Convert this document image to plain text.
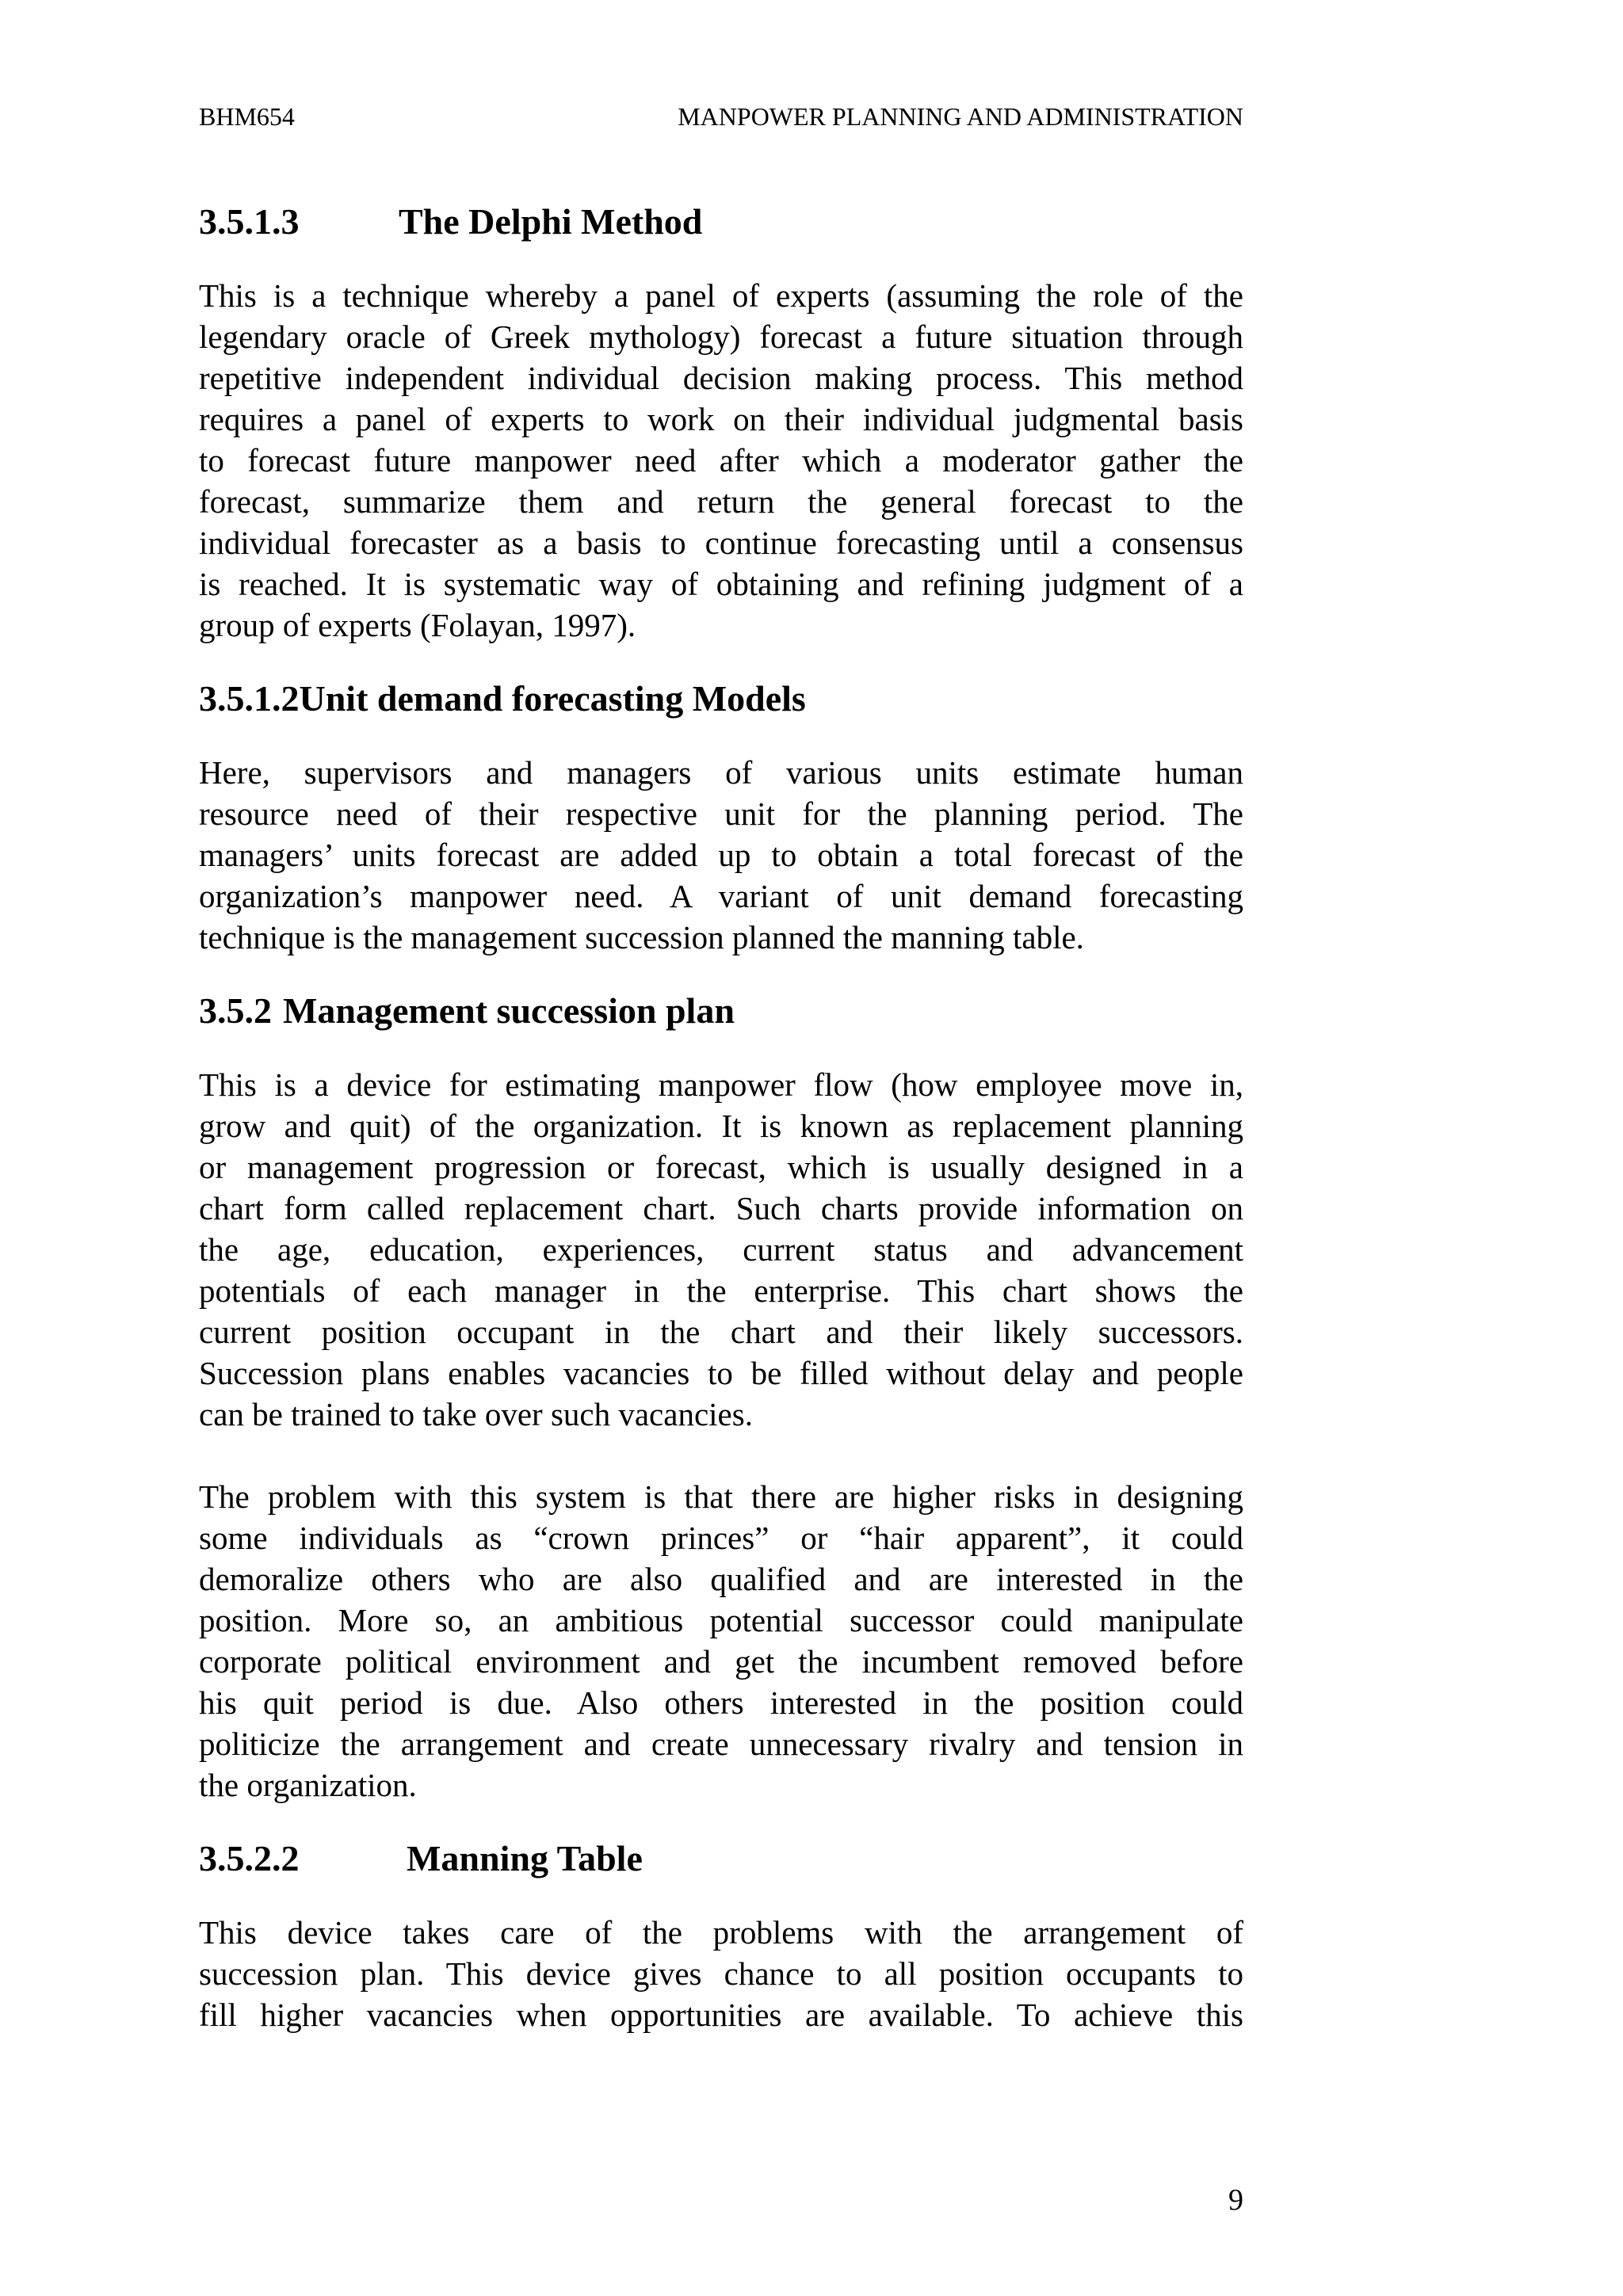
BHM654	MANPOWER PLANNING AND ADMINISTRATION
3.5.1.3	The Delphi Method

This is a technique whereby a panel of experts (assuming the role of the
legendary oracle of Greek mythology) forecast a future situation through
repetitive independent individual decision making process. This method
requires a panel of experts to work on their individual judgmental basis
to forecast future manpower need after which a moderator gather the
forecast, summarize them and return the general forecast to the
individual forecaster as a basis to continue forecasting until a consensus
is reached. It is systematic way of obtaining and refining judgment of a
group of experts (Folayan, 1997).

3.5.1.2Unit demand forecasting Models

Here, supervisors and managers of various units estimate human
resource need of their respective unit for the planning period. The
managers’ units forecast are added up to obtain a total forecast of the
organization’s manpower need. A variant of unit demand forecasting
technique is the management succession planned the manning table.

3.5.2 Management succession plan

This is a device for estimating manpower flow (how employee move in,
grow and quit) of the organization. It is known as replacement planning
or management progression or forecast, which is usually designed in a
chart form called replacement chart. Such charts provide information on
the age, education, experiences, current status and advancement
potentials of each manager in the enterprise. This chart shows the
current position occupant in the chart and their likely successors.
Succession plans enables vacancies to be filled without delay and people
can be trained to take over such vacancies.

The problem with this system is that there are higher risks in designing
some individuals as “crown princes” or “hair apparent”, it could
demoralize others who are also qualified and are interested in the
position. More so, an ambitious potential successor could manipulate
corporate political environment and get the incumbent removed before
his quit period is due. Also others interested in the position could
politicize the arrangement and create unnecessary rivalry and tension in
the organization.

3.5.2.2	Manning Table

This device takes care of the problems with the arrangement of
succession plan. This device gives chance to all position occupants to
fill higher vacancies when opportunities are available. To achieve this

9
